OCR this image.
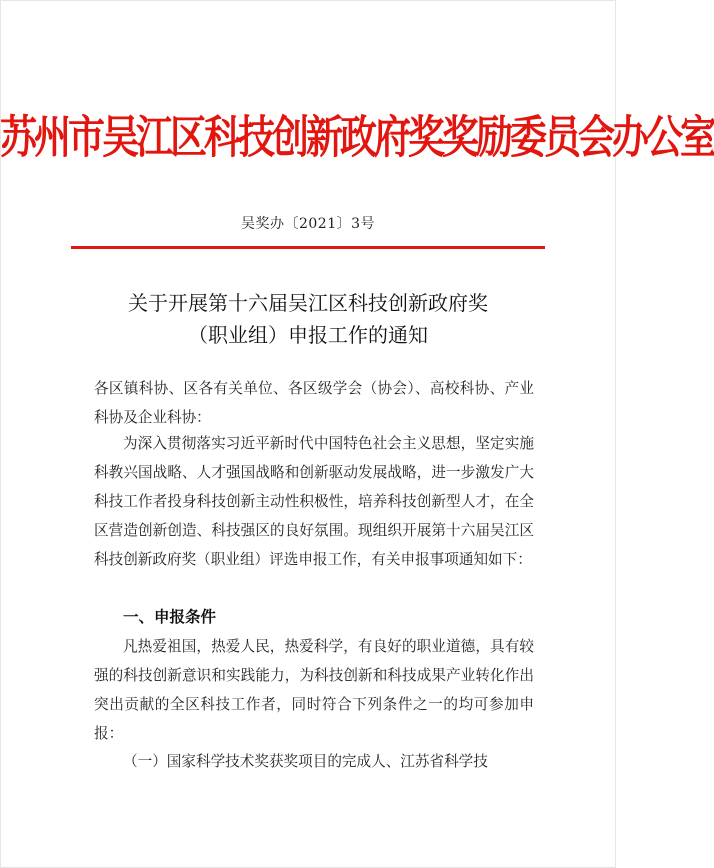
苏州市吴江区科技创新政府奖奖励委员会办公室
吴奖办〔2021〕3号
关于开展第十六届吴江区科技创新政府奖
（职业组）申报工作的通知

各区镇科协、区各有关单位、各区级学会（协会）、高校科协、产业科协及企业科协：

为深入贯彻落实习近平新时代中国特色社会主义思想，坚定实施科教兴国战略、人才强国战略和创新驱动发展战略，进一步激发广大科技工作者投身科技创新主动性积极性，培养科技创新型人才，在全区营造创新创造、科技强区的良好氛围。现组织开展第十六届吴江区科技创新政府奖（职业组）评选申报工作，有关申报事项通知如下：

一、申报条件

凡热爱祖国，热爱人民，热爱科学，有良好的职业道德，具有较强的科技创新意识和实践能力，为科技创新和科技成果产业转化作出突出贡献的全区科技工作者，同时符合下列条件之一的均可参加申报：

（一）国家科学技术奖获奖项目的完成人、江苏省科学技
